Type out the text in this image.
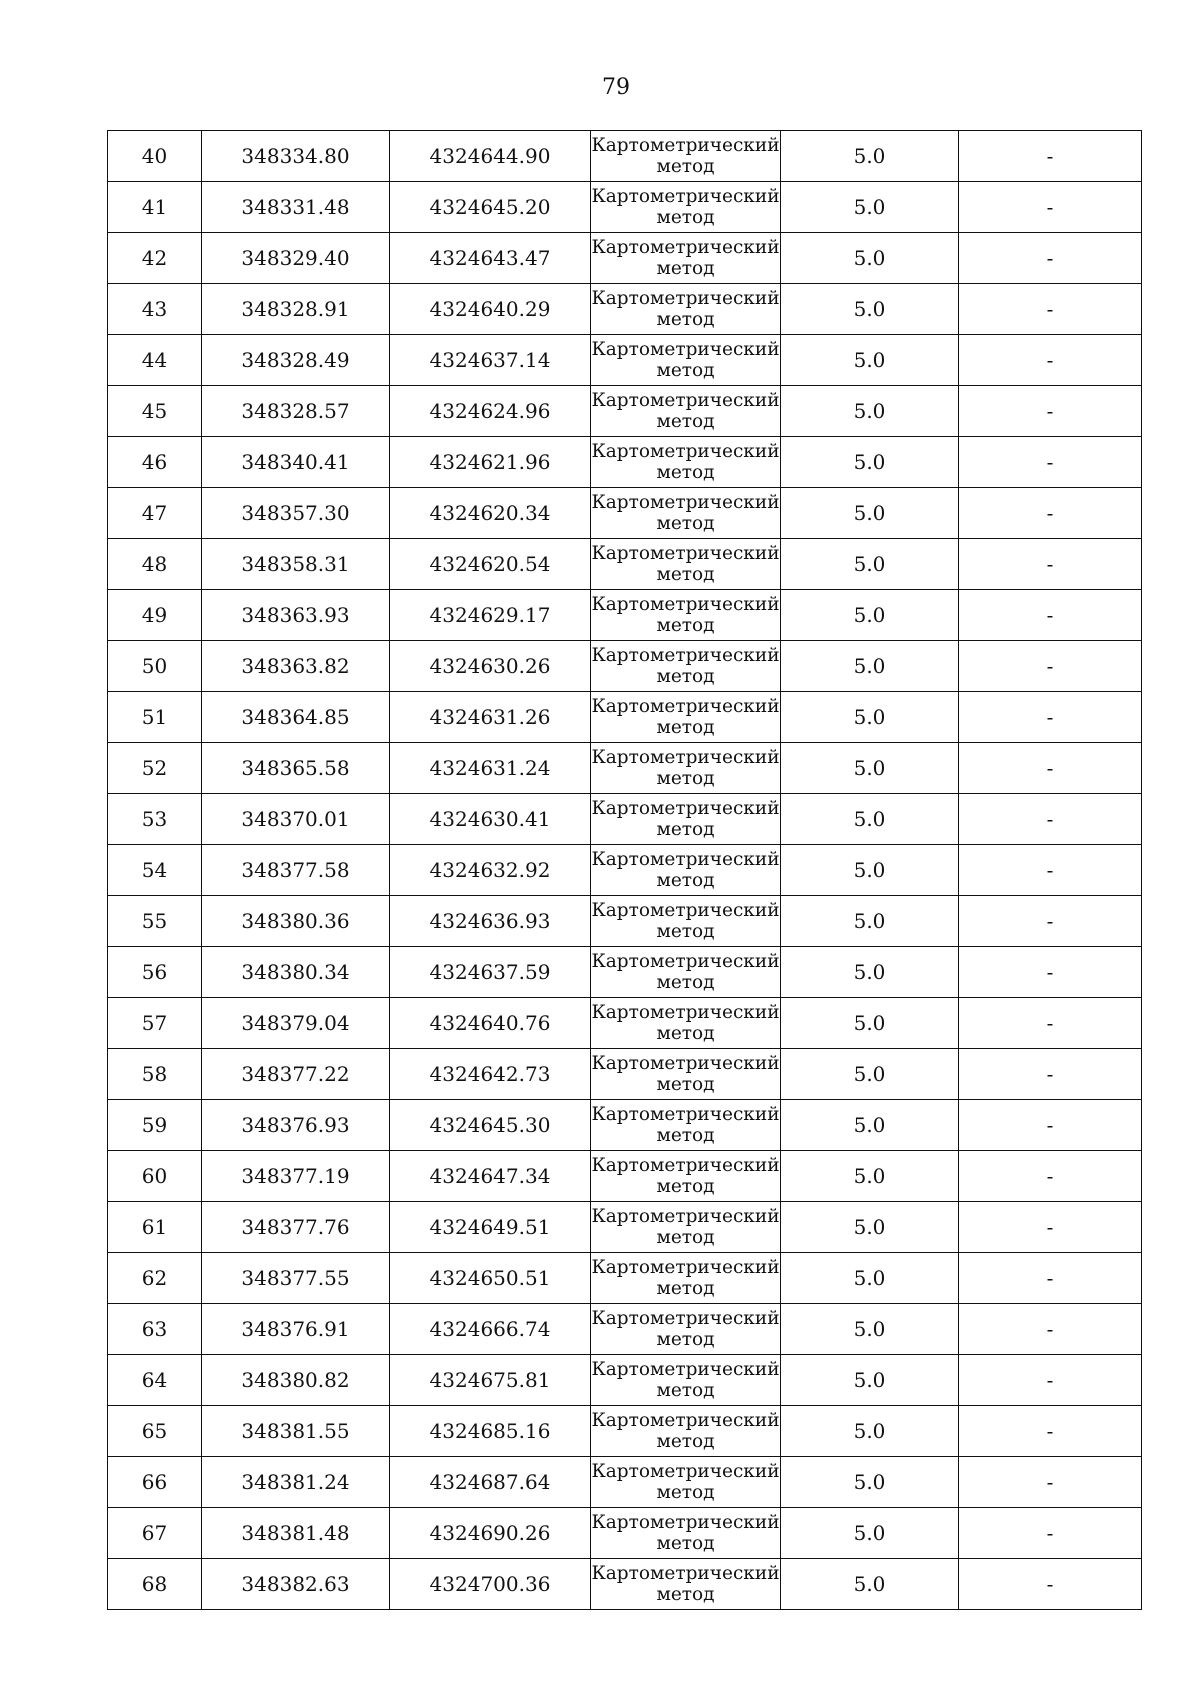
79
40	348334.80	4324644.90	Картометрический
метод	5.0	-
41	348331.48	4324645.20	Картометрический
метод	5.0	-
42	348329.40	4324643.47	Картометрический
метод	5.0	-
43	348328.91	4324640.29	Картометрический
метод	5.0	-
44	348328.49	4324637.14	Картометрический
метод	5.0	-
45	348328.57	4324624.96	Картометрический
метод	5.0	-
46	348340.41	4324621.96	Картометрический
метод	5.0	-
47	348357.30	4324620.34	Картометрический
метод	5.0	-
48	348358.31	4324620.54	Картометрический
метод	5.0	-
49	348363.93	4324629.17	Картометрический
метод	5.0	-
50	348363.82	4324630.26	Картометрический
метод	5.0	-
51	348364.85	4324631.26	Картометрический
метод	5.0	-
52	348365.58	4324631.24	Картометрический
метод	5.0	-
53	348370.01	4324630.41	Картометрический
метод	5.0	-
54	348377.58	4324632.92	Картометрический
метод	5.0	-
55	348380.36	4324636.93	Картометрический
метод	5.0	-
56	348380.34	4324637.59	Картометрический
метод	5.0	-
57	348379.04	4324640.76	Картометрический
метод	5.0	-
58	348377.22	4324642.73	Картометрический
метод	5.0	-
59	348376.93	4324645.30	Картометрический
метод	5.0	-
60	348377.19	4324647.34	Картометрический
метод	5.0	-
61	348377.76	4324649.51	Картометрический
метод	5.0	-
62	348377.55	4324650.51	Картометрический
метод	5.0	-
63	348376.91	4324666.74	Картометрический
метод	5.0	-
64	348380.82	4324675.81	Картометрический
метод	5.0	-
65	348381.55	4324685.16	Картометрический
метод	5.0	-
66	348381.24	4324687.64	Картометрический
метод	5.0	-
67	348381.48	4324690.26	Картометрический
метод	5.0	-
68	348382.63	4324700.36	Картометрический
метод	5.0	-
